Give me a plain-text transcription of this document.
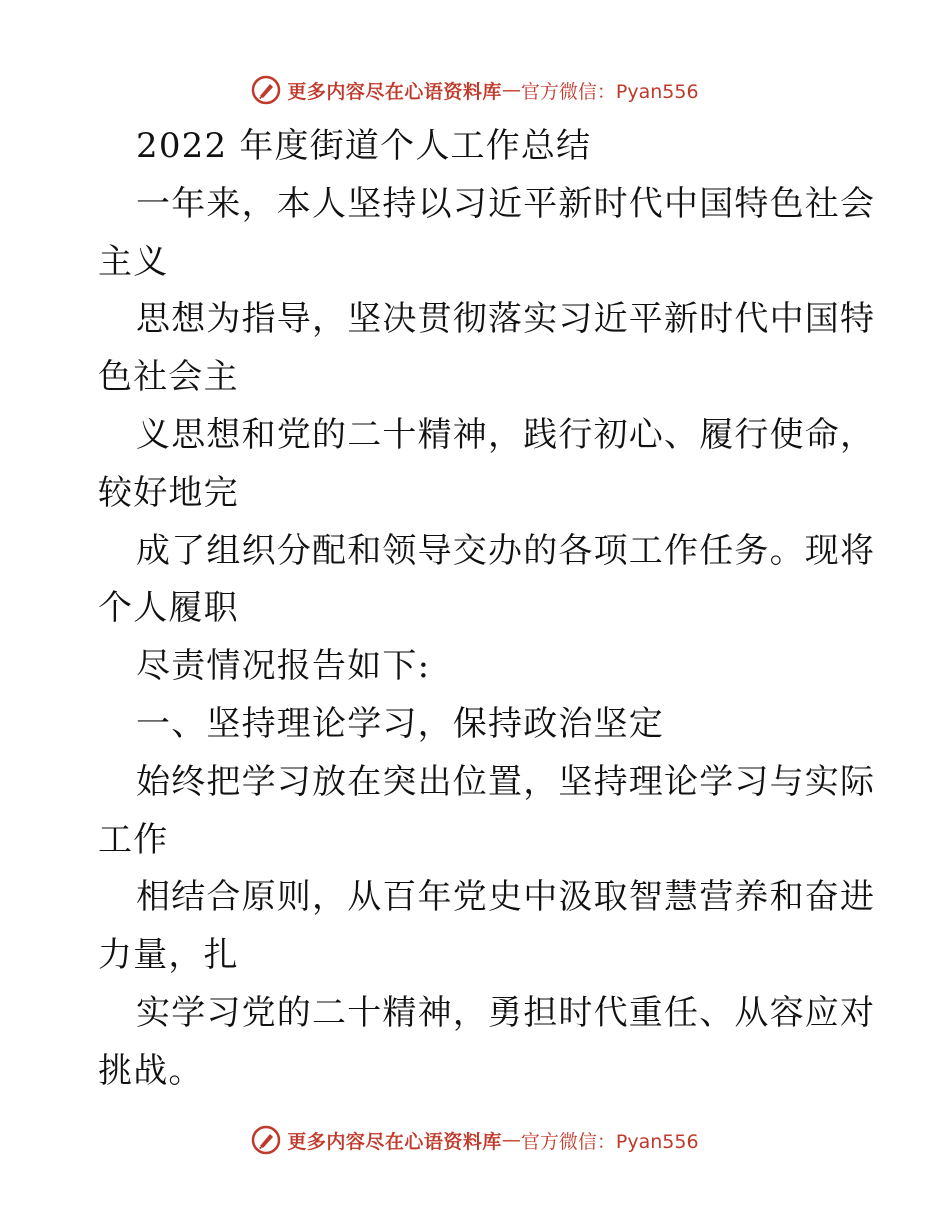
更多内容尽在心语资料库 — 官方微信：Pyan556
2022 年度街道个人工作总结
一年来，本人坚持以习近平新时代中国特色社会
主义
思想为指导，坚决贯彻落实习近平新时代中国特
色社会主
义思想和党的二十精神，践行初心、履行使命，
较好地完
成了组织分配和领导交办的各项工作任务。现将
个人履职
尽责情况报告如下:
一、坚持理论学习，保持政治坚定
始终把学习放在突出位置，坚持理论学习与实际
工作
相结合原则，从百年党史中汲取智慧营养和奋进
力量，扎
实学习党的二十精神，勇担时代重任、从容应对
挑战。
更多内容尽在心语资料库 — 官方微信：Pyan556
